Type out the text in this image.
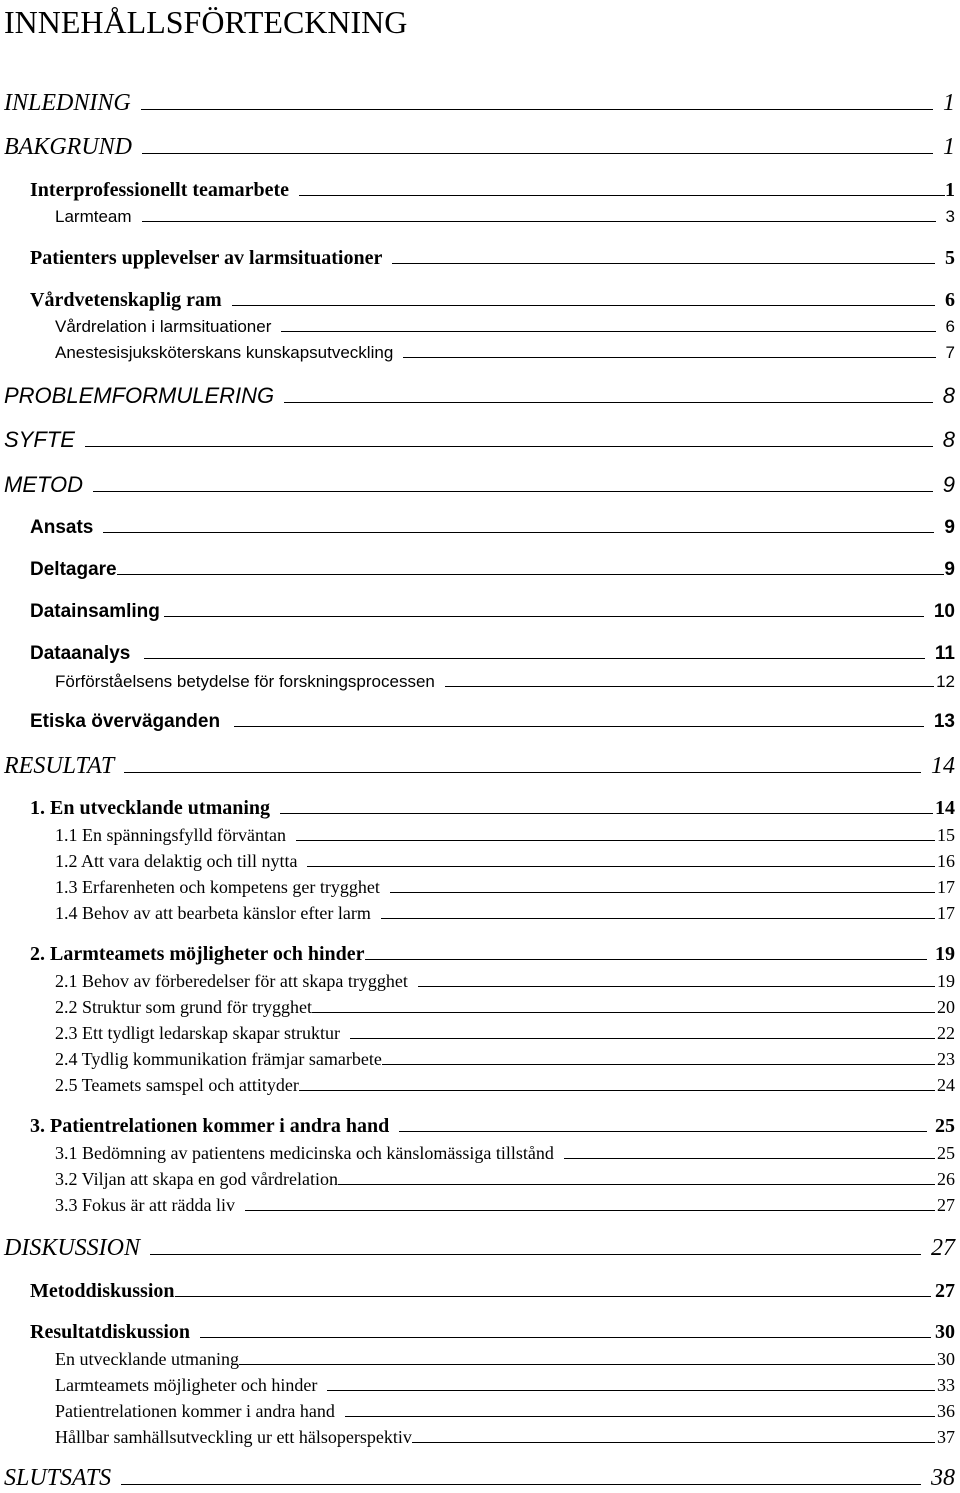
INNEHÅLLSFÖRTECKNING
INLEDNING	1
BAKGRUND	1
Interprofessionellt teamarbete	1
Larmteam	3
Patienters upplevelser av larmsituationer	5
Vårdvetenskaplig ram	6
Vårdrelation i larmsituationer	6
Anestesisjuksköterskans kunskapsutveckling	7
PROBLEMFORMULERING	8
SYFTE	8
METOD	9
Ansats	9
Deltagare	9
Datainsamling	10
Dataanalys	11
Förförståelsens betydelse för forskningsprocessen	12
Etiska överväganden	13
RESULTAT	14
1. En utvecklande utmaning	14
1.1 En spänningsfylld förväntan	15
1.2 Att vara delaktig och till nytta	16
1.3 Erfarenheten och kompetens ger trygghet	17
1.4 Behov av att bearbeta känslor efter larm	17
2. Larmteamets möjligheter och hinder	19
2.1 Behov av förberedelser för att skapa trygghet	19
2.2 Struktur som grund för trygghet	20
2.3 Ett tydligt ledarskap skapar struktur	22
2.4 Tydlig kommunikation främjar samarbete	23
2.5 Teamets samspel och attityder	24
3. Patientrelationen kommer i andra hand	25
3.1 Bedömning av patientens medicinska och känslomässiga tillstånd	25
3.2 Viljan att skapa en god vårdrelation	26
3.3 Fokus är att rädda liv	27
DISKUSSION	27
Metoddiskussion	27
Resultatdiskussion	30
En utvecklande utmaning	30
Larmteamets möjligheter och hinder	33
Patientrelationen kommer i andra hand	36
Hållbar samhällsutveckling ur ett hälsoperspektiv	37
SLUTSATS	38
